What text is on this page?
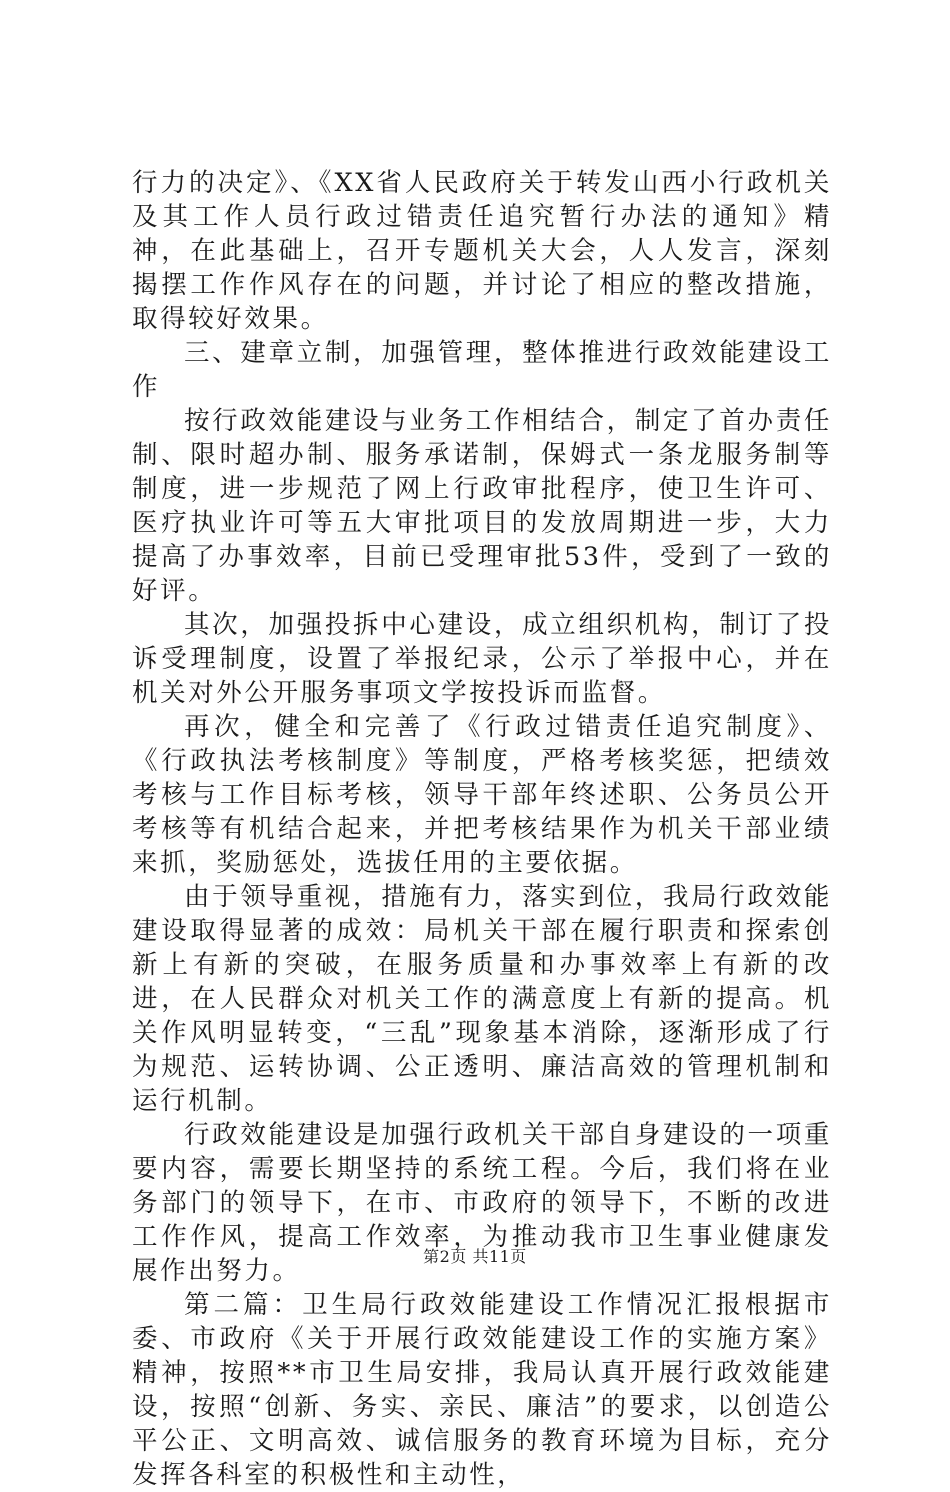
行力的决定》、《XX省人民政府关于转发山西小行政机关及其工作人员行政过错责任追究暂行办法的通知》精神，在此基础上，召开专题机关大会，人人发言，深刻揭摆工作作风存在的问题，并讨论了相应的整改措施，取得较好效果。

三、建章立制，加强管理，整体推进行政效能建设工作

按行政效能建设与业务工作相结合，制定了首办责任制、限时超办制、服务承诺制，保姆式一条龙服务制等制度，进一步规范了网上行政审批程序，使卫生许可、医疗执业许可等五大审批项目的发放周期进一步，大力提高了办事效率，目前已受理审批53件，受到了一致的好评。

其次，加强投拆中心建设，成立组织机构，制订了投诉受理制度，设置了举报纪录，公示了举报中心，并在机关对外公开服务事项文学按投诉而监督。

再次，健全和完善了《行政过错责任追究制度》、《行政执法考核制度》等制度，严格考核奖惩，把绩效考核与工作目标考核，领导干部年终述职、公务员公开考核等有机结合起来，并把考核结果作为机关干部业绩来抓，奖励惩处，选拔任用的主要依据。

由于领导重视，措施有力，落实到位，我局行政效能建设取得显著的成效：局机关干部在履行职责和探索创新上有新的突破，在服务质量和办事效率上有新的改进，在人民群众对机关工作的满意度上有新的提高。机关作风明显转变，“三乱”现象基本消除，逐渐形成了行为规范、运转协调、公正透明、廉洁高效的管理机制和运行机制。

行政效能建设是加强行政机关干部自身建设的一项重要内容，需要长期坚持的系统工程。今后，我们将在业务部门的领导下，在市、市政府的领导下，不断的改进工作作风，提高工作效率，为推动我市卫生事业健康发展作出努力。

第二篇：卫生局行政效能建设工作情况汇报根据市委、市政府《关于开展行政效能建设工作的实施方案》精神，按照**市卫生局安排，我局认真开展行政效能建设，按照“创新、务实、亲民、廉洁”的要求，以创造公平公正、文明高效、诚信服务的教育环境为目标，充分发挥各科室的积极性和主动性，

第2页 共11页
